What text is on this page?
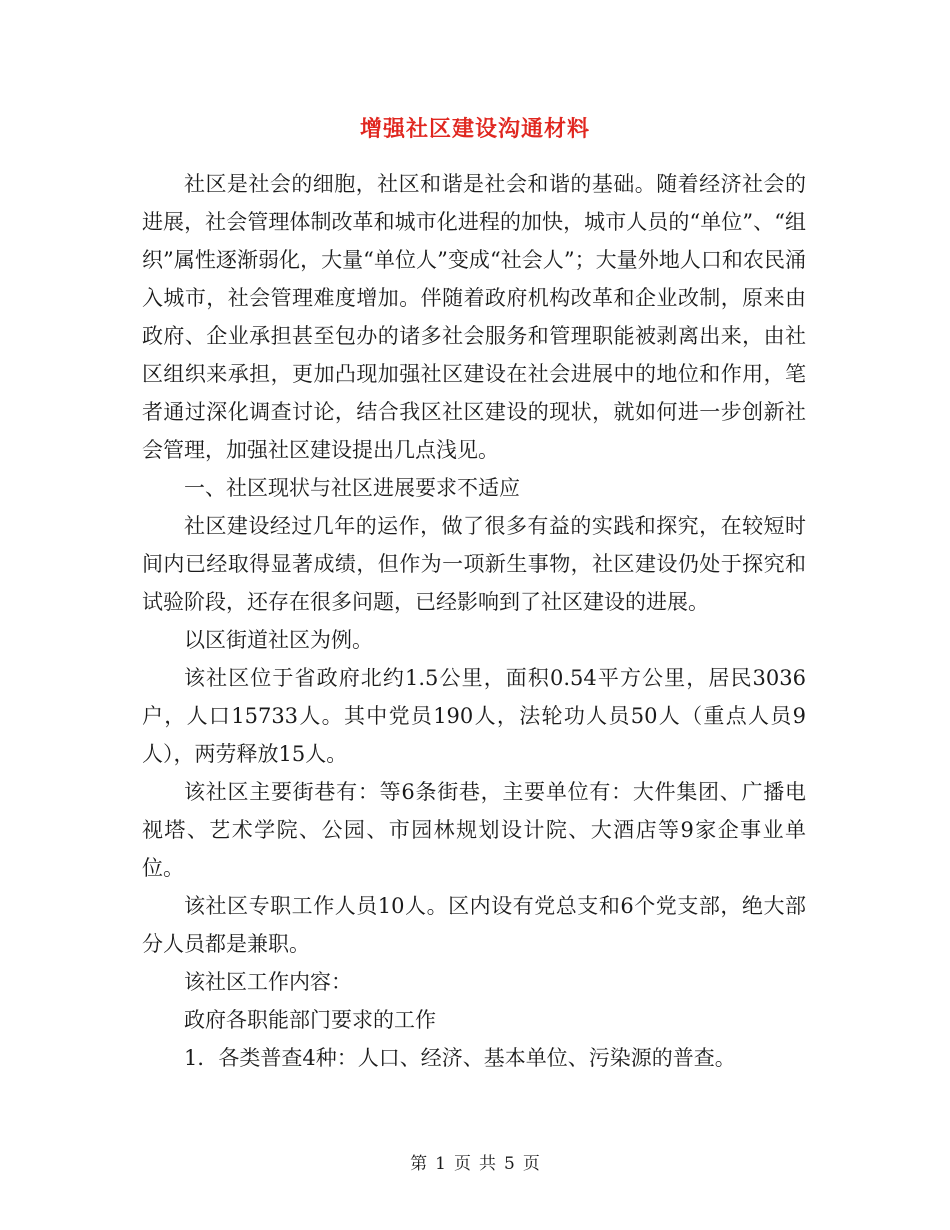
增强社区建设沟通材料

社区是社会的细胞，社区和谐是社会和谐的基础。随着经济社会的进展，社会管理体制改革和城市化进程的加快，城市人员的“单位”、“组织”属性逐渐弱化，大量“单位人”变成“社会人”；大量外地人口和农民涌入城市，社会管理难度增加。伴随着政府机构改革和企业改制，原来由政府、企业承担甚至包办的诸多社会服务和管理职能被剥离出来，由社区组织来承担，更加凸现加强社区建设在社会进展中的地位和作用，笔者通过深化调查讨论，结合我区社区建设的现状，就如何进一步创新社会管理，加强社区建设提出几点浅见。

一、社区现状与社区进展要求不适应

社区建设经过几年的运作，做了很多有益的实践和探究，在较短时间内已经取得显著成绩，但作为一项新生事物，社区建设仍处于探究和试验阶段，还存在很多问题，已经影响到了社区建设的进展。

以区街道社区为例。

该社区位于省政府北约1.5公里，面积0.54平方公里，居民3036户，人口15733人。其中党员190人，法轮功人员50人（重点人员9人），两劳释放15人。

该社区主要街巷有：等6条街巷，主要单位有：大件集团、广播电视塔、艺术学院、公园、市园林规划设计院、大酒店等9家企事业单位。

该社区专职工作人员10人。区内设有党总支和6个党支部，绝大部分人员都是兼职。

该社区工作内容：

政府各职能部门要求的工作

1．各类普查4种：人口、经济、基本单位、污染源的普查。

第 1 页 共 5 页
